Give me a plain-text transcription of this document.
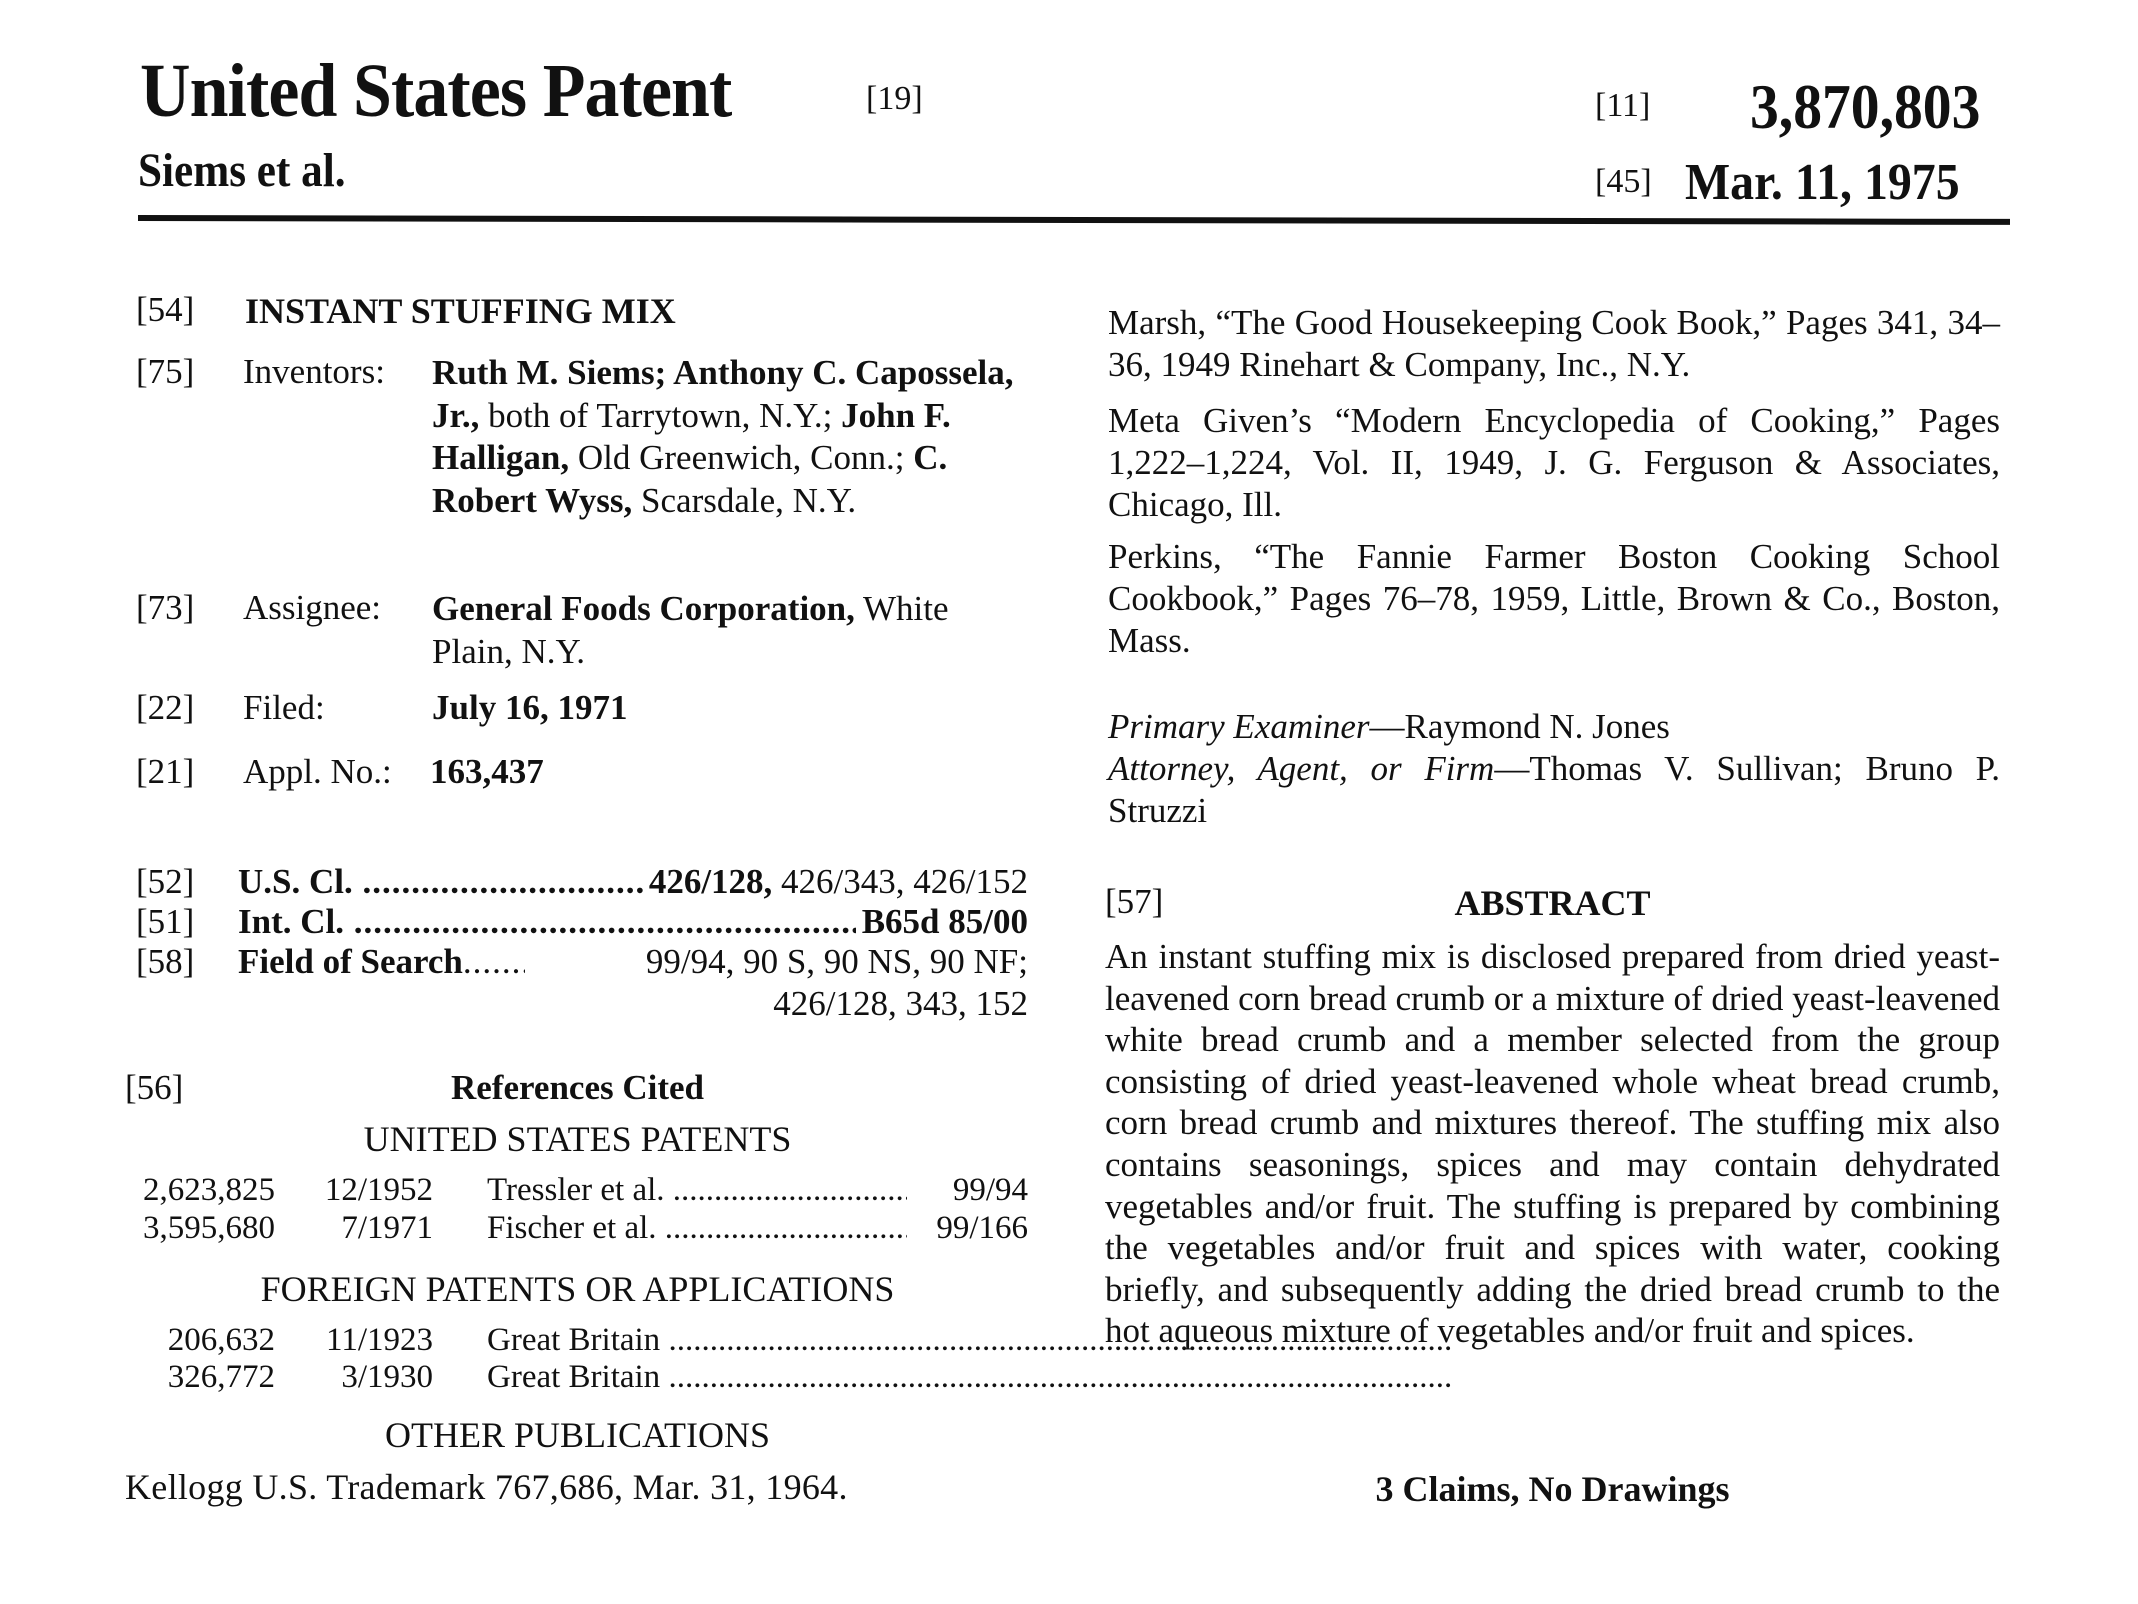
United States Patent	[19]
Siems et al.
[11] 3,870,803
[45] Mar. 11, 1975
[54] INSTANT STUFFING MIX
[75] Inventors: Ruth M. Siems; Anthony C. Capossela, Jr., both of Tarrytown, N.Y.; John F. Halligan, Old Greenwich, Conn.; C. Robert Wyss, Scarsdale, N.Y.
[73] Assignee: General Foods Corporation, White Plain, N.Y.
[22] Filed:	July 16, 1971
[21] Appl. No.: 163,437
[52] U.S. Cl. .....	426/128, 426/343, 426/152
[51] Int. Cl. .....	B65d 85/00
[58] Field of Search .....	99/94, 90 S, 90 NS, 90 NF;
426/128, 343, 152
[56]	References Cited
UNITED STATES PATENTS
2,623,825	12/1952 Tressler et al. .....	99/94
3,595,680	7/1971 Fischer et al. .....	99/166
FOREIGN PATENTS OR APPLICATIONS
206,632	11/1923 Great Britain .....
326,772	3/1930 Great Britain .....
OTHER PUBLICATIONS
Kellogg U.S. Trademark 767,686, Mar. 31, 1964.
Marsh, “The Good Housekeeping Cook Book,” Pages 341, 34–36, 1949 Rinehart & Company, Inc., N.Y.
Meta Given’s “Modern Encyclopedia of Cooking,” Pages 1,222–1,224, Vol. II, 1949, J. G. Ferguson & Associates, Chicago, Ill.
Perkins, “The Fannie Farmer Boston Cooking School Cookbook,” Pages 76–78, 1959, Little, Brown & Co., Boston, Mass.
Primary Examiner—Raymond N. Jones
Attorney, Agent, or Firm—Thomas V. Sullivan; Bruno P. Struzzi
[57]	ABSTRACT
An instant stuffing mix is disclosed prepared from dried yeast-leavened corn bread crumb or a mixture of dried yeast-leavened white bread crumb and a member selected from the group consisting of dried yeast-leavened whole wheat bread crumb, corn bread crumb and mixtures thereof. The stuffing mix also contains seasonings, spices and may contain dehydrated vegetables and/or fruit. The stuffing is prepared by combining the vegetables and/or fruit and spices with water, cooking briefly, and subsequently adding the dried bread crumb to the hot aqueous mixture of vegetables and/or fruit and spices.
3 Claims, No Drawings
